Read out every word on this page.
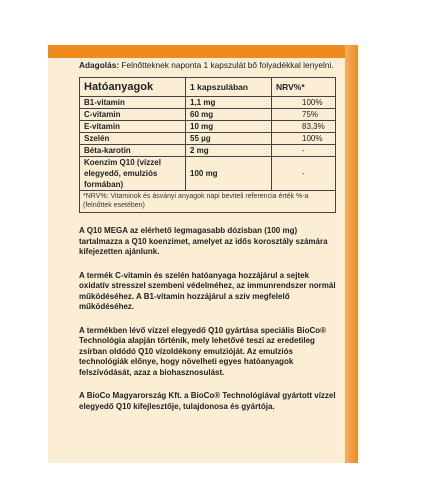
Adagolás: Felnőtteknek naponta 1 kapszulát bő folyadékkal lenyelni.

Hatóanyagok	1 kapszulában	NRV%*
B1-vitamin	1,1 mg	100%
C-vitamin	60 mg	75%
E-vitamin	10 mg	83,3%
Szelén	55 µg	100%
Béta-karotin	2 mg	-
Koenzim Q10 (vízzel elegyedő, emulziós formában)	100 mg	-
*NRV%: Vitaminok és ásványi anyagok napi beviteli referencia érték %-a (felnőttek esetében)		

A Q10 MEGA az elérhető legmagasabb dózisban (100 mg) tartalmazza a Q10 koenzimet, amelyet az idős korosztály számára kifejezetten ajánlunk.

A termék C-vitamin és szelén hatóanyaga hozzájárul a sejtek oxidatív stresszel szembeni védelméhez, az immunrendszer normál működéséhez. A B1-vitamin hozzájárul a szív megfelelő működéséhez.

A termékben lévő vízzel elegyedő Q10 gyártása speciális BioCo® Technológia alapján történik, mely lehetővé teszi az eredetileg zsírban oldódó Q10 vízoldékony emulzióját. Az emulziós technológiák előnye, hogy növelheti egyes hatóanyagok felszívódását, azaz a biohasznosulást.

A BioCo Magyarország Kft. a BioCo® Technológiával gyártott vízzel elegyedő Q10 kifejlesztője, tulajdonosa és gyártója.
